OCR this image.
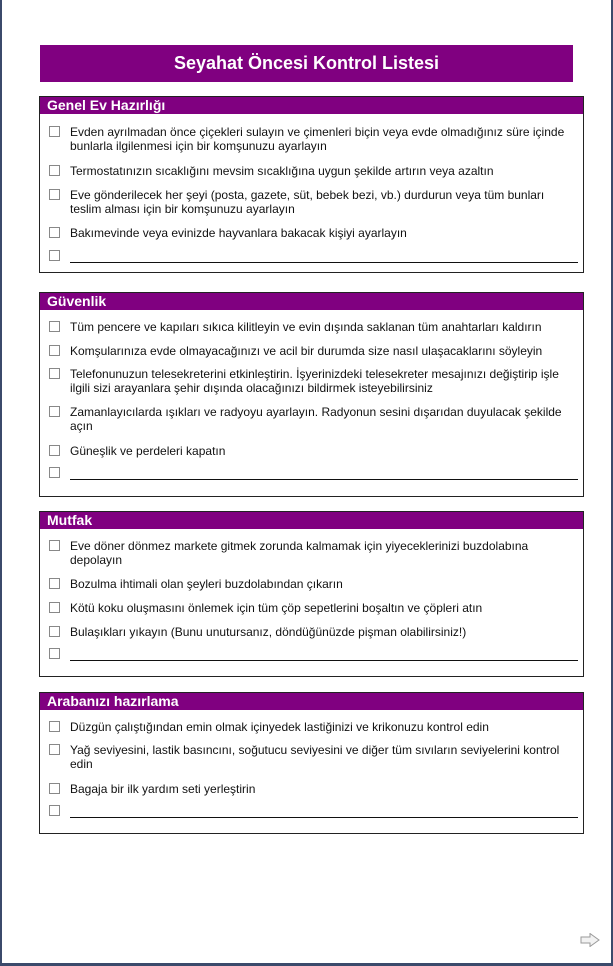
Seyahat Öncesi Kontrol Listesi
Genel Ev Hazırlığı
Evden ayrılmadan önce çiçekleri sulayın ve çimenleri biçin veya evde olmadığınız süre içinde bunlarla ilgilenmesi için bir komşunuzu ayarlayın
Termostatınızın sıcaklığını mevsim sıcaklığına uygun şekilde artırın veya azaltın
Eve gönderilecek her şeyi (posta, gazete, süt, bebek bezi, vb.) durdurun veya tüm bunları teslim alması için bir komşunuzu ayarlayın
Bakımevinde veya evinizde hayvanlara bakacak kişiyi ayarlayın
Güvenlik
Tüm pencere ve kapıları sıkıca kilitleyin ve evin dışında saklanan tüm anahtarları kaldırın
Komşularınıza evde olmayacağınızı ve acil bir durumda size nasıl ulaşacaklarını söyleyin
Telefonunuzun telesekreterini etkinleştirin. İşyerinizdeki telesekreter mesajınızı değiştirip işle ilgili sizi arayanlara şehir dışında olacağınızı bildirmek isteyebilirsiniz
Zamanlayıcılarda ışıkları ve radyoyu ayarlayın. Radyonun sesini dışarıdan duyulacak şekilde açın
Güneşlik ve perdeleri kapatın
Mutfak
Eve döner dönmez markete gitmek zorunda kalmamak için yiyeceklerinizi buzdolabına depolayın
Bozulma ihtimali olan şeyleri buzdolabından çıkarın
Kötü koku oluşmasını önlemek için tüm çöp sepetlerini boşaltın ve çöpleri atın
Bulaşıkları yıkayın (Bunu unutursanız, döndüğünüzde pişman olabilirsiniz!)
Arabanızı hazırlama
Düzgün çalıştığından emin olmak içinyedek lastiğinizi ve krikonuzu kontrol edin
Yağ seviyesini, lastik basıncını, soğutucu seviyesini ve diğer tüm sıvıların seviyelerini kontrol edin
Bagaja bir ilk yardım seti yerleştirin
